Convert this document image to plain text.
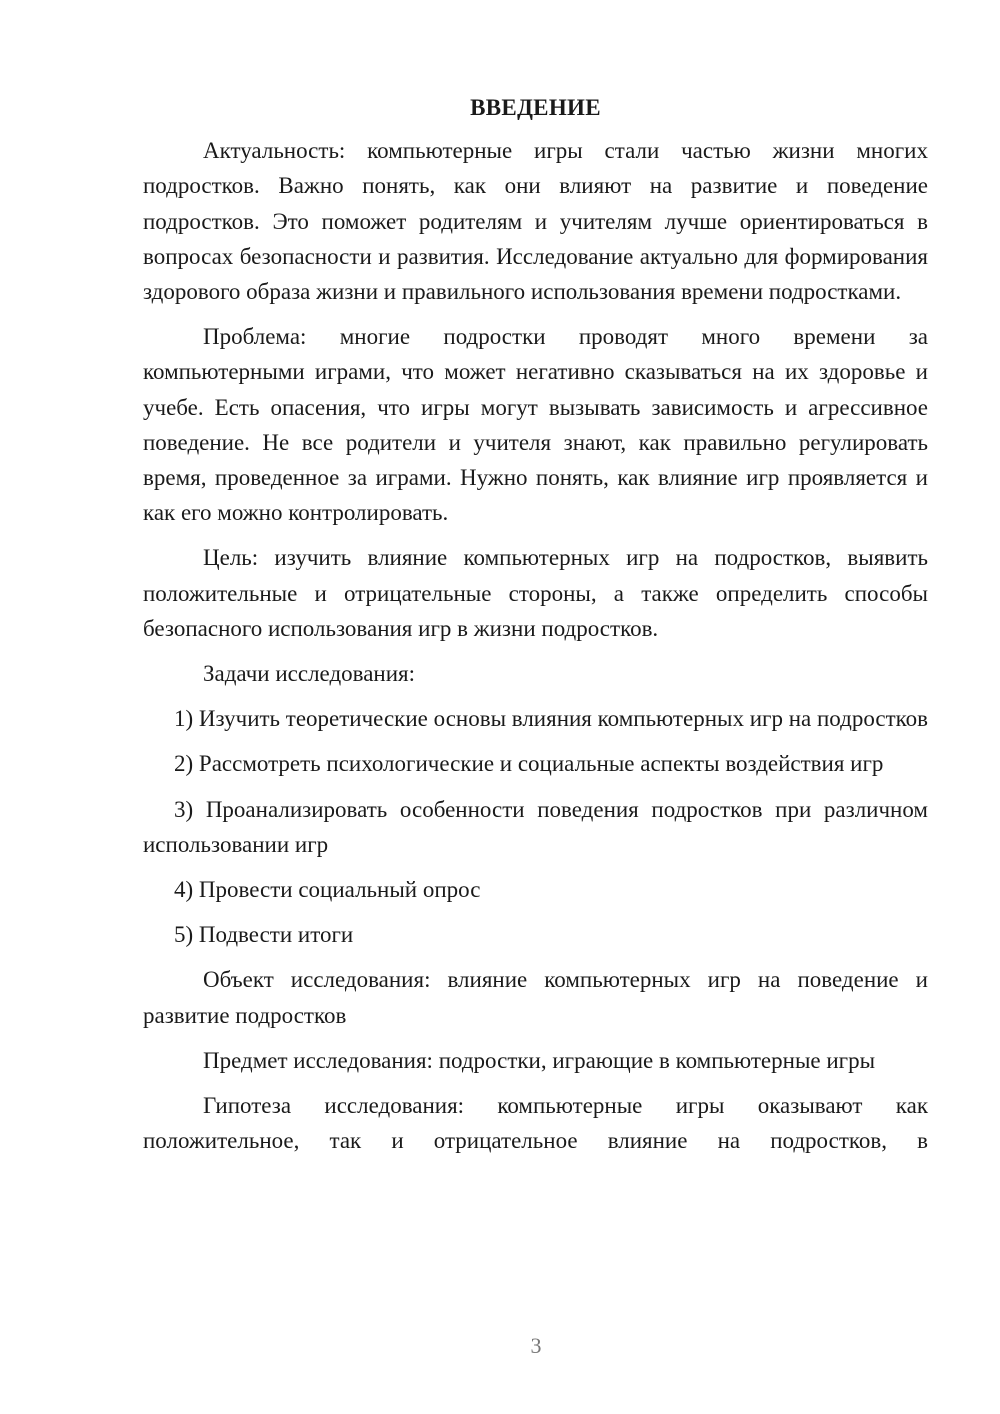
ВВЕДЕНИЕ

Актуальность: компьютерные игры стали частью жизни многих подростков. Важно понять, как они влияют на развитие и поведение подростков. Это поможет родителям и учителям лучше ориентироваться в вопросах безопасности и развития. Исследование актуально для формирования здорового образа жизни и правильного использования времени подростками.

Проблема: многие подростки проводят много времени за компьютерными играми, что может негативно сказываться на их здоровье и учебе. Есть опасения, что игры могут вызывать зависимость и агрессивное поведение. Не все родители и учителя знают, как правильно регулировать время, проведенное за играми. Нужно понять, как влияние игр проявляется и как его можно контролировать.

Цель: изучить влияние компьютерных игр на подростков, выявить положительные и отрицательные стороны, а также определить способы безопасного использования игр в жизни подростков.

Задачи исследования:

1) Изучить теоретические основы влияния компьютерных игр на подростков

2) Рассмотреть психологические и социальные аспекты воздействия игр

3) Проанализировать особенности поведения подростков при различном использовании игр

4) Провести социальный опрос

5) Подвести итоги

Объект исследования: влияние компьютерных игр на поведение и развитие подростков

Предмет исследования: подростки, играющие в компьютерные игры

Гипотеза исследования: компьютерные игры оказывают как положительное, так и отрицательное влияние на подростков, в

3
